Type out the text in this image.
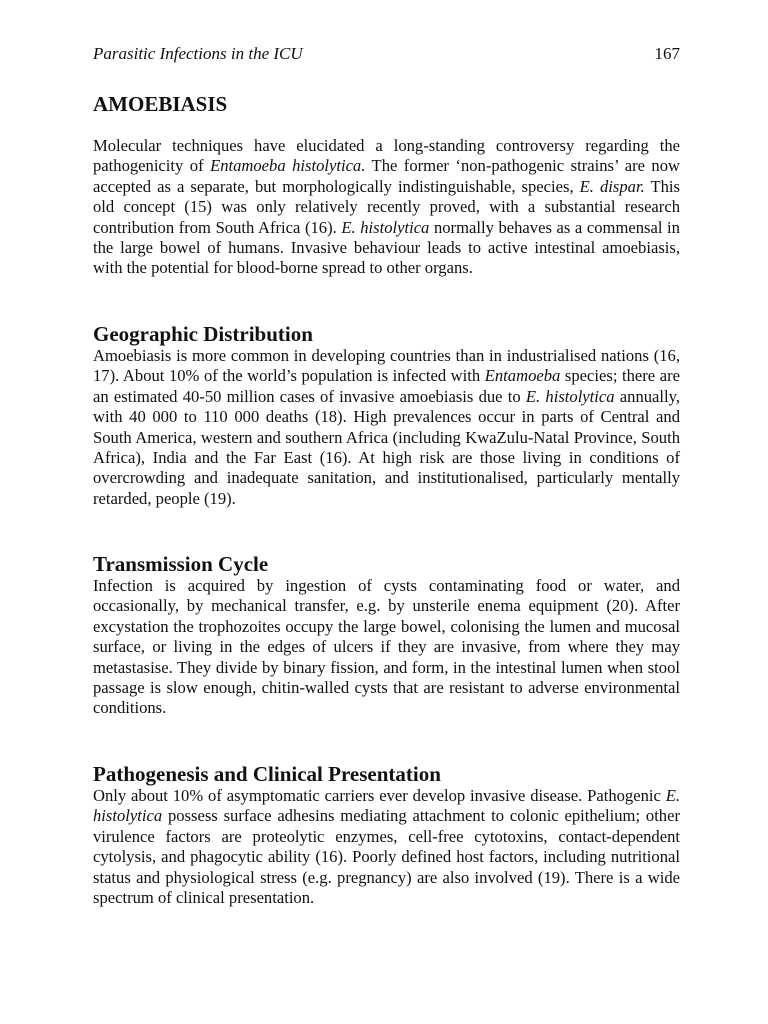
Parasitic Infections in the ICU	167
AMOEBIASIS

Molecular techniques have elucidated a long-standing controversy regarding the pathogenicity of Entamoeba histolytica. The former ‘non-pathogenic strains’ are now accepted as a separate, but morphologically indistinguishable, species, E. dispar. This old concept (15) was only relatively recently proved, with a substantial research contribution from South Africa (16). E. histolytica normally behaves as a commensal in the large bowel of humans. Invasive behaviour leads to active intestinal amoebiasis, with the potential for blood-borne spread to other organs.

Geographic Distribution

Amoebiasis is more common in developing countries than in industrialised nations (16, 17). About 10% of the world’s population is infected with Entamoeba species; there are an estimated 40-50 million cases of invasive amoebiasis due to E. histolytica annually, with 40 000 to 110 000 deaths (18). High prevalences occur in parts of Central and South America, western and southern Africa (including KwaZulu-Natal Province, South Africa), India and the Far East (16). At high risk are those living in conditions of overcrowding and inadequate sanitation, and institutionalised, particularly mentally retarded, people (19).

Transmission Cycle

Infection is acquired by ingestion of cysts contaminating food or water, and occasionally, by mechanical transfer, e.g. by unsterile enema equipment (20). After excystation the trophozoites occupy the large bowel, colonising the lumen and mucosal surface, or living in the edges of ulcers if they are invasive, from where they may metastasise. They divide by binary fission, and form, in the intestinal lumen when stool passage is slow enough, chitin-walled cysts that are resistant to adverse environmental conditions.

Pathogenesis and Clinical Presentation

Only about 10% of asymptomatic carriers ever develop invasive disease. Pathogenic E. histolytica possess surface adhesins mediating attachment to colonic epithelium; other virulence factors are proteolytic enzymes, cell-free cytotoxins, contact-dependent cytolysis, and phagocytic ability (16). Poorly defined host factors, including nutritional status and physiological stress (e.g. pregnancy) are also involved (19). There is a wide spectrum of clinical presentation.
